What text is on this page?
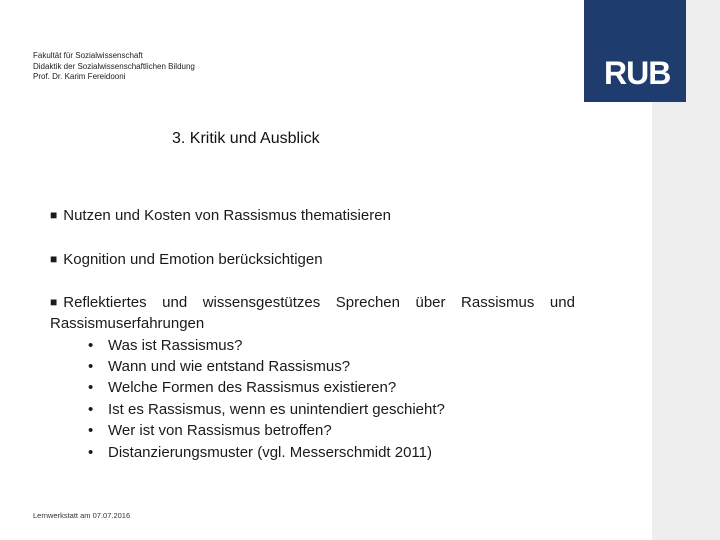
RUB
Fakultät für Sozialwissenschaft
Didaktik der Sozialwissenschaftlichen Bildung
Prof. Dr. Karim Fereidooni
3. Kritik und Ausblick
■ Nutzen und Kosten von Rassismus thematisieren
■ Kognition und Emotion berücksichtigen
■ Reflektiertes und wissensgestützes Sprechen über Rassismus und
Rassismuserfahrungen
• Was ist Rassismus?
• Wann und wie entstand Rassismus?
• Welche Formen des Rassismus existieren?
• Ist es Rassismus, wenn es unintendiert geschieht?
• Wer ist von Rassismus betroffen?
• Distanzierungsmuster (vgl. Messerschmidt 2011)
Lernwerkstatt am 07.07.2016
